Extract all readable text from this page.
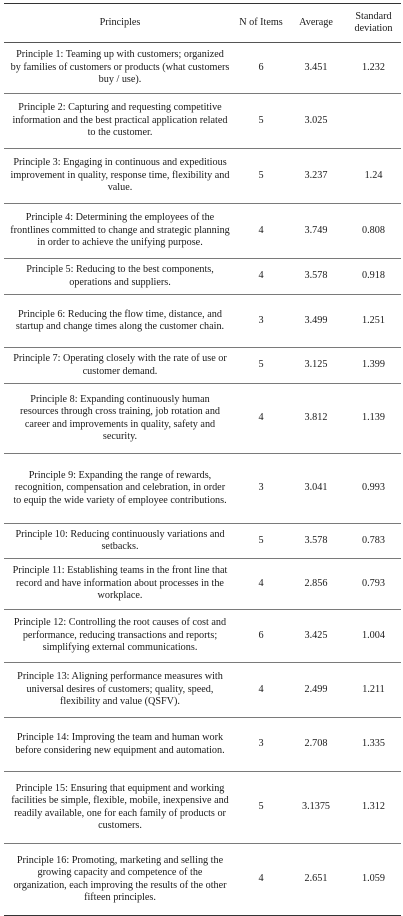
Principles	N of Items	Average	Standard deviation
Principle 1: Teaming up with customers; organized by families of customers or products (what customers buy / use).	6	3.451	1.232
Principle 2: Capturing and requesting competitive information and the best practical application related to the customer.	5	3.025	
Principle 3: Engaging in continuous and expeditious improvement in quality, response time, flexibility and value.	5	3.237	1.24
Principle 4: Determining the employees of the frontlines committed to change and strategic planning in order to achieve the unifying purpose.	4	3.749	0.808
Principle 5: Reducing to the best components, operations and suppliers.	4	3.578	0.918
Principle 6: Reducing the flow time, distance, and startup and change times along the customer chain.	3	3.499	1.251
Principle 7: Operating closely with the rate of use or customer demand.	5	3.125	1.399
Principle 8: Expanding continuously human resources through cross training, job rotation and career and improvements in quality, safety and security.	4	3.812	1.139
Principle 9: Expanding the range of rewards, recognition, compensation and celebration, in order to equip the wide variety of employee contributions.	3	3.041	0.993
Principle 10: Reducing continuously variations and setbacks.	5	3.578	0.783
Principle 11: Establishing teams in the front line that record and have information about processes in the workplace.	4	2.856	0.793
Principle 12: Controlling the root causes of cost and performance, reducing transactions and reports; simplifying external communications.	6	3.425	1.004
Principle 13: Aligning performance measures with universal desires of customers; quality, speed, flexibility and value (QSFV).	4	2.499	1.211
Principle 14: Improving the team and human work before considering new equipment and automation.	3	2.708	1.335
Principle 15: Ensuring that equipment and working facilities be simple, flexible, mobile, inexpensive and readily available, one for each family of products or customers.	5	3.1375	1.312
Principle 16: Promoting, marketing and selling the growing capacity and competence of the organization, each improving the results of the other fifteen principles.	4	2.651	1.059
